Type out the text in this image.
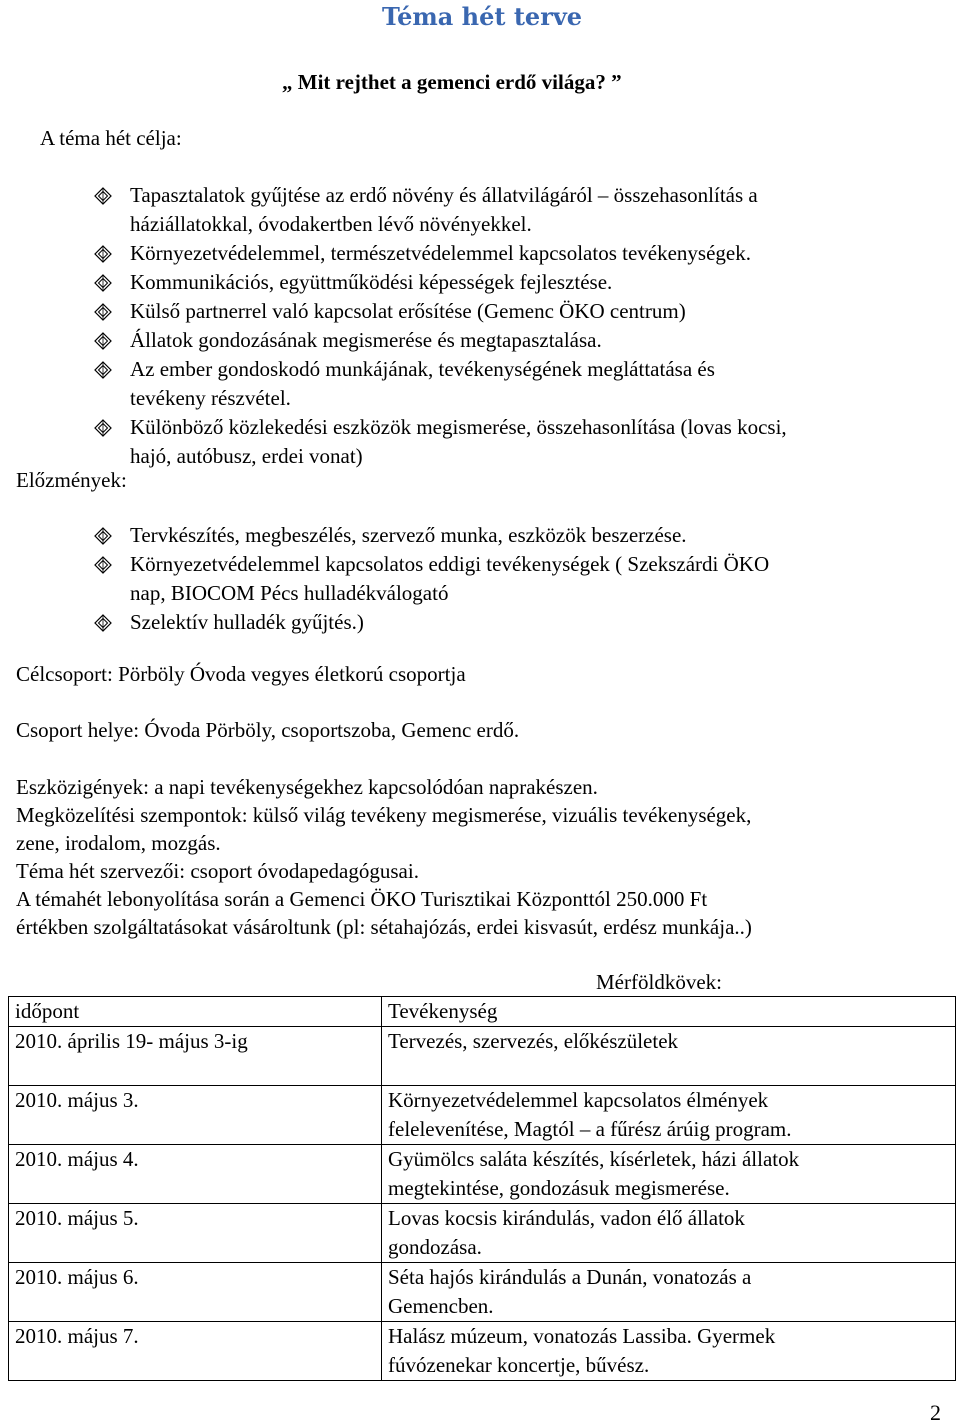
Téma hét terve
„ Mit rejthet a gemenci erdő világa? ”
A téma hét célja:
Tapasztalatok gyűjtése az erdő növény és állatvilágáról – összehasonlítás a
háziállatokkal, óvodakertben lévő növényekkel.
Környezetvédelemmel, természetvédelemmel kapcsolatos tevékenységek.
Kommunikációs, együttműködési képességek fejlesztése.
Külső partnerrel való kapcsolat erősítése (Gemenc ÖKO centrum)
Állatok gondozásának megismerése és megtapasztalása.
Az ember gondoskodó munkájának, tevékenységének megláttatása és
tevékeny részvétel.
Különböző közlekedési eszközök megismerése, összehasonlítása (lovas kocsi,
hajó, autóbusz, erdei vonat)
Előzmények:
Tervkészítés, megbeszélés, szervező munka, eszközök beszerzése.
Környezetvédelemmel kapcsolatos eddigi tevékenységek ( Szekszárdi ÖKO
nap, BIOCOM Pécs hulladékválogató
Szelektív hulladék gyűjtés.)
Célcsoport: Pörböly Óvoda vegyes életkorú csoportja
Csoport helye: Óvoda Pörböly, csoportszoba, Gemenc erdő.
Eszközigények: a napi tevékenységekhez kapcsolódóan naprakészen.
Megközelítési szempontok: külső világ tevékeny megismerése, vizuális tevékenységek,
zene, irodalom, mozgás.
Téma hét szervezői: csoport óvodapedagógusai.
A témahét lebonyolítása során a Gemenci ÖKO Turisztikai Központtól 250.000 Ft
értékben szolgáltatásokat vásároltunk (pl: sétahajózás, erdei kisvasút, erdész munkája..)
Mérföldkövek:
időpont	Tevékenység
2010. április 19- május 3-ig	Tervezés, szervezés, előkészületek

2010. május 3.	Környezetvédelemmel kapcsolatos élmények
felelevenítése, Magtól – a fűrész árúig program.

2010. május 4.	Gyümölcs saláta készítés, kísérletek, házi állatok
megtekintése, gondozásuk megismerése.

2010. május 5.	Lovas kocsis kirándulás, vadon élő állatok
gondozása.

2010. május 6.	Séta hajós kirándulás a Dunán, vonatozás a
Gemencben.

2010. május 7.	Halász múzeum, vonatozás Lassiba. Gyermek
fúvózenekar koncertje, bűvész.
2
